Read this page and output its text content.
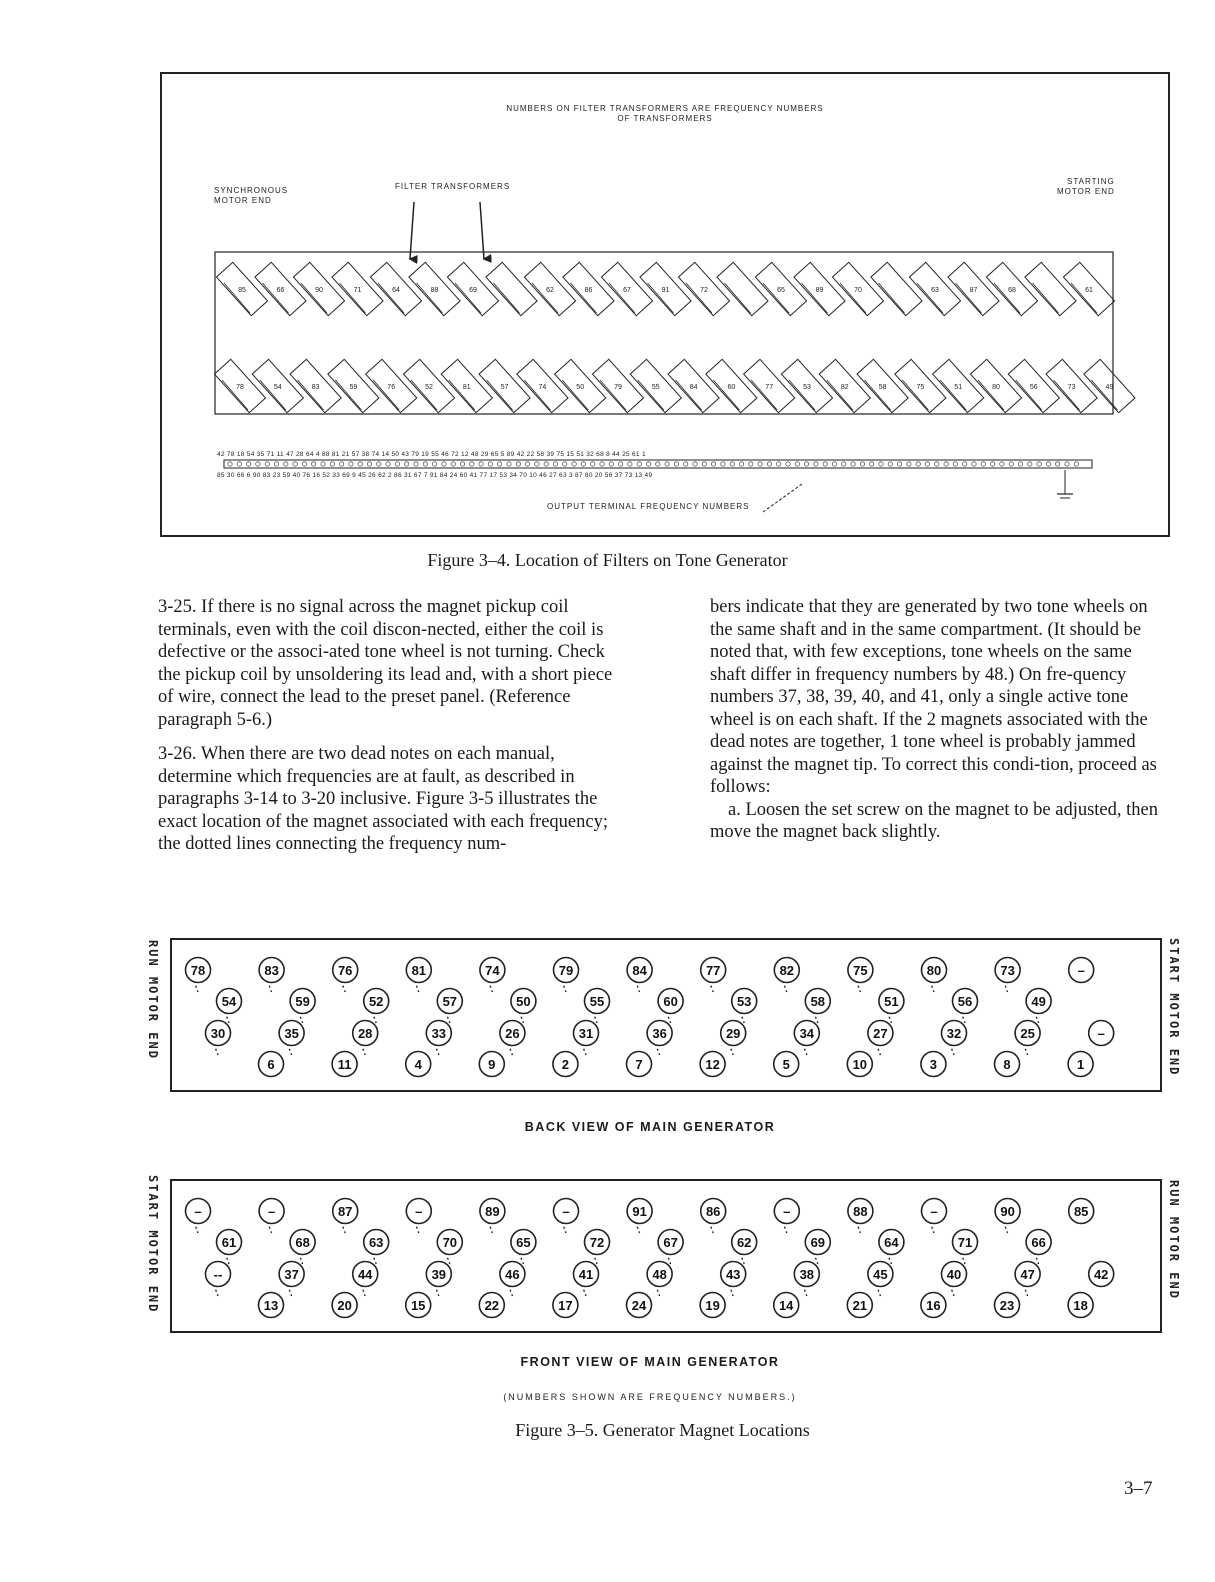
NUMBERS ON FILTER TRANSFORMERS ARE FREQUENCY NUMBERS
OF TRANSFORMERS
SYNCHRONOUS
MOTOR END
FILTER TRANSFORMERS
STARTING
MOTOR END
85	66	90	71	64	88	69	62	86	67	91	72	65	89	70	63	87	68	61
78	54	83	59	76	52	81	57	74	50	79	55	84	60	77	53	82	58	75	51	80	56	73	49
42 78 18 54 35 71 11 47 28 64 4 88 81 21 57 38 74 14 50 43 79 19 55 46 72 12 48 29 65 5 89 42 22 58 39 75 15 51 32 68 8 44 25 61 1
85 30 66 6 90 83 23 59 40 76 16 52 33 69 9 45 26 62 2 86 31 67 7 91 84 24 60 41 77 17 53 34 70 10 46 27 63 3 87 80 20 56 37 73 13 49
OUTPUT TERMINAL FREQUENCY NUMBERS
Figure 3–4. Location of Filters on Tone Generator

3-25. If there is no signal across the magnet pickup coil terminals, even with the coil discon-nected, either the coil is defective or the associ-ated tone wheel is not turning. Check the pickup coil by unsoldering its lead and, with a short piece of wire, connect the lead to the preset panel. (Reference paragraph 5-6.)

3-26. When there are two dead notes on each manual, determine which frequencies are at fault, as described in paragraphs 3-14 to 3-20 inclusive. Figure 3-5 illustrates the exact location of the magnet associated with each frequency; the dotted lines connecting the frequency num-

bers indicate that they are generated by two tone wheels on the same shaft and in the same compartment. (It should be noted that, with few exceptions, tone wheels on the same shaft differ in frequency numbers by 48.) On fre-quency numbers 37, 38, 39, 40, and 41, only a single active tone wheel is on each shaft. If the 2 magnets associated with the dead notes are together, 1 tone wheel is probably jammed against the magnet tip. To correct this condi-tion, proceed as follows:

a. Loosen the set screw on the magnet to be adjusted, then move the magnet back slightly.

RUN MOTOR END	START MOTOR END
78	83	76	81	74	79	84	77	82	75	80	73	–
54	59	52	57	50	55	60	53	58	51	56	49
30	35	28	33	26	31	36	29	34	27	32	25	–
6	11	4	9	2	7	12	5	10	3	8	1
BACK VIEW OF MAIN GENERATOR
START MOTOR END	RUN MOTOR END
–	–	87	–	89	–	91	86	–	88	–	90	85
61	68	63	70	65	72	67	62	69	64	71	66
--	37	44	39	46	41	48	43	38	45	40	47	42
13	20	15	22	17	24	19	14	21	16	23	18
FRONT VIEW OF MAIN GENERATOR
(NUMBERS SHOWN ARE FREQUENCY NUMBERS.)
Figure 3–5. Generator Magnet Locations
3–7
